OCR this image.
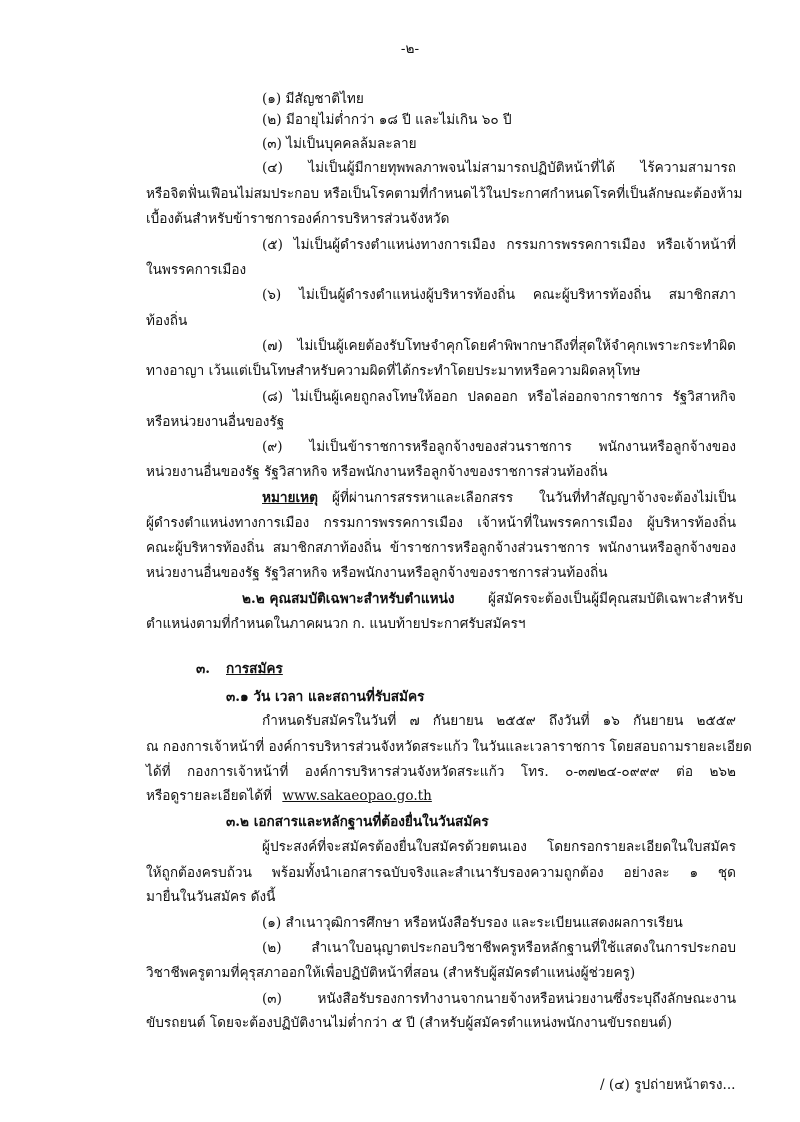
-๒-
(๑) มีสัญชาติไทย
(๒) มีอายุไม่ต่ำกว่า ๑๘ ปี และไม่เกิน ๖๐ ปี
(๓) ไม่เป็นบุคคลล้มละลาย
(๔) ไม่เป็นผู้มีกายทุพพลภาพจนไม่สามารถปฏิบัติหน้าที่ได้ ไร้ความสามารถ
หรือจิตฟั่นเฟือนไม่สมประกอบ หรือเป็นโรคตามที่กำหนดไว้ในประกาศกำหนดโรคที่เป็นลักษณะต้องห้าม
เบื้องต้นสำหรับข้าราชการองค์การบริหารส่วนจังหวัด
(๕) ไม่เป็นผู้ดำรงตำแหน่งทางการเมือง กรรมการพรรคการเมือง หรือเจ้าหน้าที่
ในพรรคการเมือง
(๖) ไม่เป็นผู้ดำรงตำแหน่งผู้บริหารท้องถิ่น คณะผู้บริหารท้องถิ่น สมาชิกสภา
ท้องถิ่น
(๗) ไม่เป็นผู้เคยต้องรับโทษจำคุกโดยคำพิพากษาถึงที่สุดให้จำคุกเพราะกระทำผิด
ทางอาญา เว้นแต่เป็นโทษสำหรับความผิดที่ได้กระทำโดยประมาทหรือความผิดลหุโทษ
(๘) ไม่เป็นผู้เคยถูกลงโทษให้ออก ปลดออก หรือไล่ออกจากราชการ รัฐวิสาหกิจ
หรือหน่วยงานอื่นของรัฐ
(๙) ไม่เป็นข้าราชการหรือลูกจ้างของส่วนราชการ พนักงานหรือลูกจ้างของ
หน่วยงานอื่นของรัฐ รัฐวิสาหกิจ หรือพนักงานหรือลูกจ้างของราชการส่วนท้องถิ่น
หมายเหตุ ผู้ที่ผ่านการสรรหาและเลือกสรร ในวันที่ทำสัญญาจ้างจะต้องไม่เป็น
ผู้ดำรงตำแหน่งทางการเมือง กรรมการพรรคการเมือง เจ้าหน้าที่ในพรรคการเมือง ผู้บริหารท้องถิ่น
คณะผู้บริหารท้องถิ่น สมาชิกสภาท้องถิ่น ข้าราชการหรือลูกจ้างส่วนราชการ พนักงานหรือลูกจ้างของ
หน่วยงานอื่นของรัฐ รัฐวิสาหกิจ หรือพนักงานหรือลูกจ้างของราชการส่วนท้องถิ่น
๒.๒ คุณสมบัติเฉพาะสำหรับตำแหน่ง ผู้สมัครจะต้องเป็นผู้มีคุณสมบัติเฉพาะสำหรับ
ตำแหน่งตามที่กำหนดในภาคผนวก ก. แนบท้ายประกาศรับสมัครฯ
๓. การสมัคร
๓.๑ วัน เวลา และสถานที่รับสมัคร
กำหนดรับสมัครในวันที่ ๗ กันยายน ๒๕๕๙ ถึงวันที่ ๑๖ กันยายน ๒๕๕๙
ณ กองการเจ้าหน้าที่ องค์การบริหารส่วนจังหวัดสระแก้ว ในวันและเวลาราชการ โดยสอบถามรายละเอียด
ได้ที่ กองการเจ้าหน้าที่ องค์การบริหารส่วนจังหวัดสระแก้ว โทร. ๐-๓๗๒๔-๐๙๙๙ ต่อ ๒๖๒
หรือดูรายละเอียดได้ที่ www.sakaeopao.go.th
๓.๒ เอกสารและหลักฐานที่ต้องยื่นในวันสมัคร
ผู้ประสงค์ที่จะสมัครต้องยื่นใบสมัครด้วยตนเอง โดยกรอกรายละเอียดในใบสมัคร
ให้ถูกต้องครบถ้วน พร้อมทั้งนำเอกสารฉบับจริงและสำเนารับรองความถูกต้อง อย่างละ ๑ ชุด
มายื่นในวันสมัคร ดังนี้
(๑) สำเนาวุฒิการศึกษา หรือหนังสือรับรอง และระเบียนแสดงผลการเรียน
(๒) สำเนาใบอนุญาตประกอบวิชาชีพครูหรือหลักฐานที่ใช้แสดงในการประกอบ
วิชาชีพครูตามที่คุรุสภาออกให้เพื่อปฏิบัติหน้าที่สอน (สำหรับผู้สมัครตำแหน่งผู้ช่วยครู)
(๓) หนังสือรับรองการทำงานจากนายจ้างหรือหน่วยงานซึ่งระบุถึงลักษณะงาน
ขับรถยนต์ โดยจะต้องปฏิบัติงานไม่ต่ำกว่า ๕ ปี (สำหรับผู้สมัครตำแหน่งพนักงานขับรถยนต์)
/ (๔) รูปถ่ายหน้าตรง...
